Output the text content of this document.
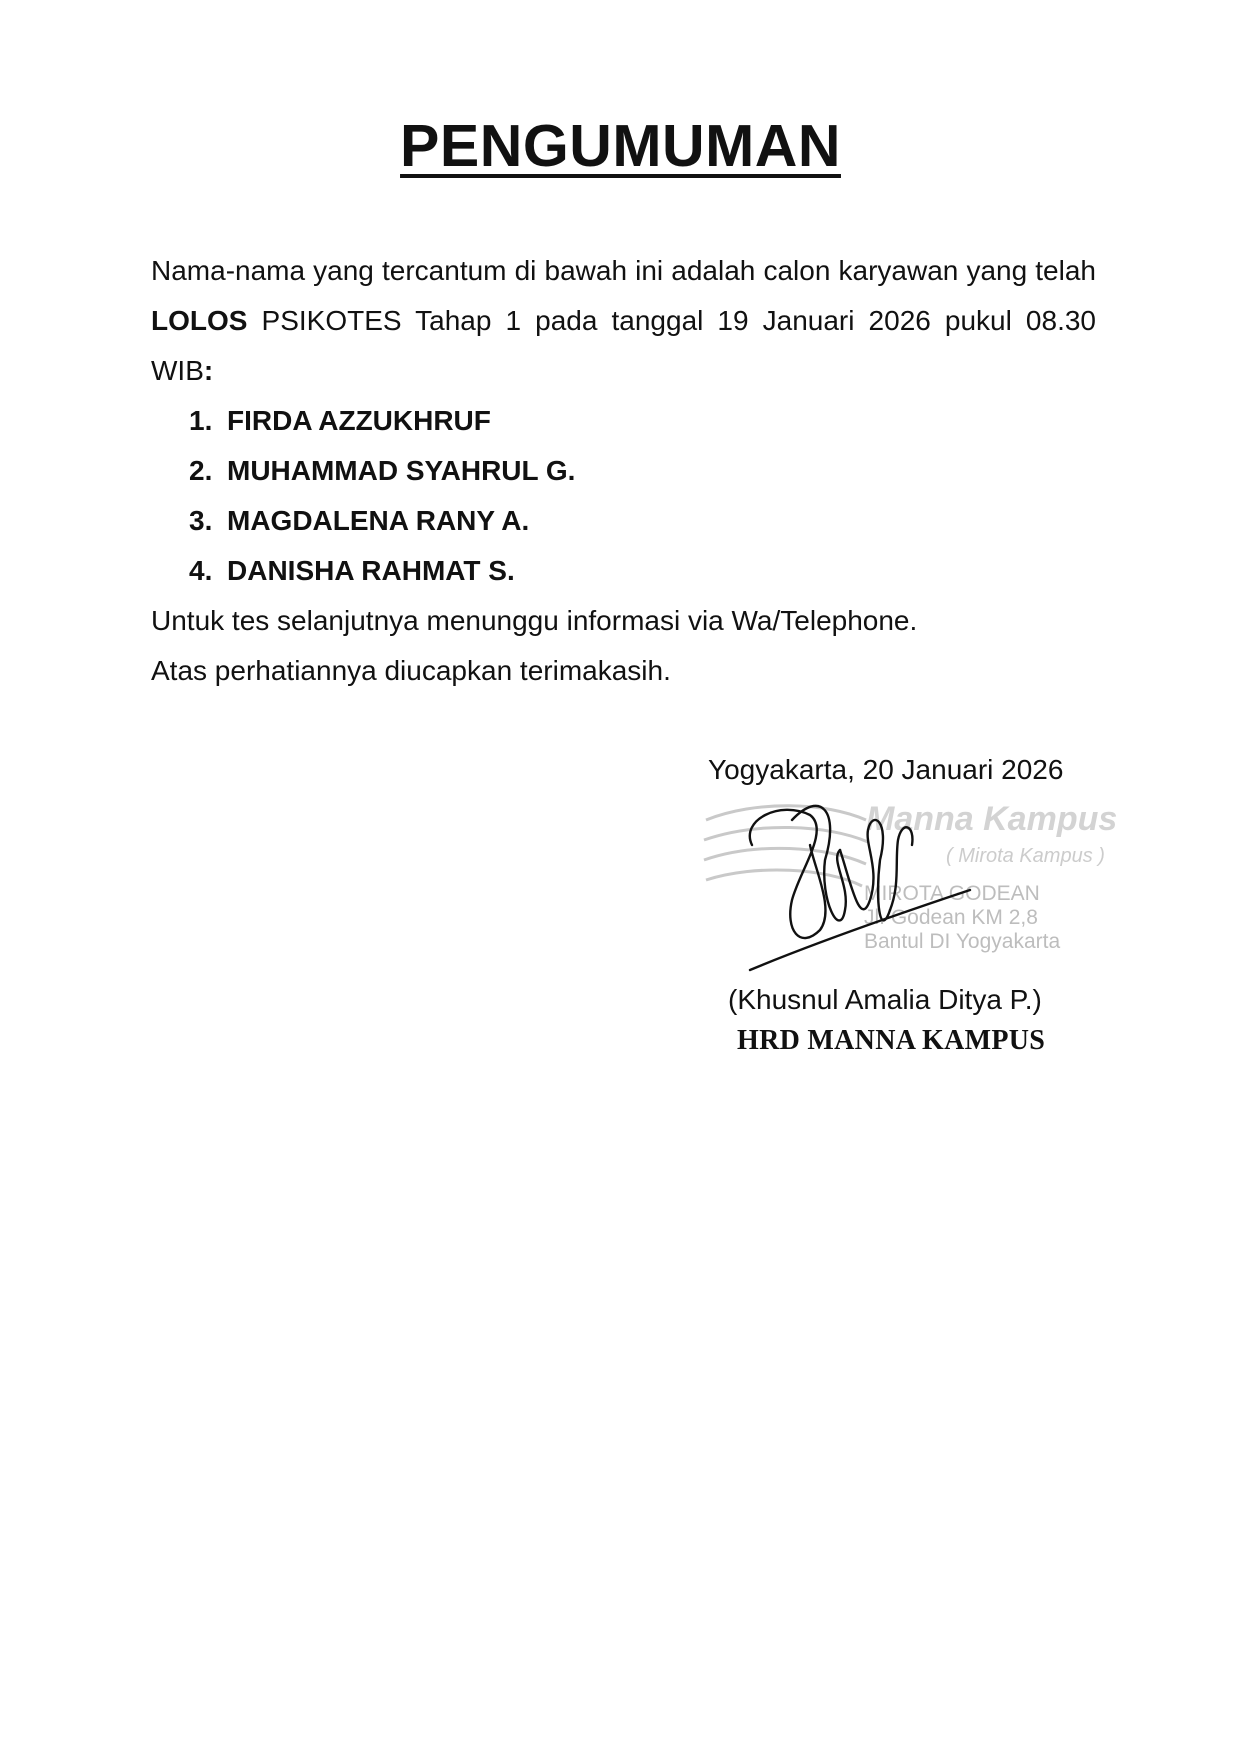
PENGUMUMAN

Nama-nama yang tercantum di bawah ini adalah calon karyawan yang telah LOLOS PSIKOTES Tahap 1 pada tanggal 19 Januari 2026 pukul 08.30 WIB:

1. FIRDA AZZUKHRUF
2. MUHAMMAD SYAHRUL G.
3. MAGDALENA RANY A.
4. DANISHA RAHMAT S.

Untuk tes selanjutnya menunggu informasi via Wa/Telephone.

Atas perhatiannya diucapkan terimakasih.

Yogyakarta, 20 Januari 2026
Manna Kampus
( Mirota Kampus )
MIROTA GODEAN
Jl. Godean KM 2,8
Bantul DI Yogyakarta
(Khusnul Amalia Ditya P.)
HRD MANNA KAMPUS
